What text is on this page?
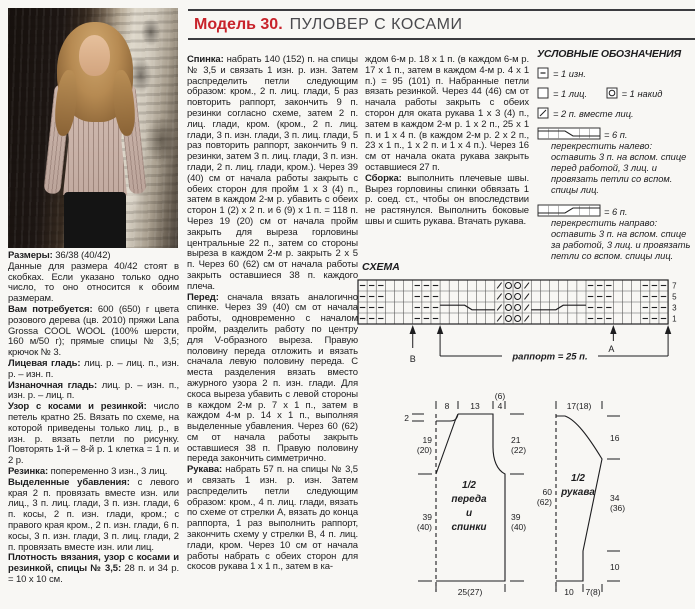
Модель 30. ПУЛОВЕР С КОСАМИ

Размеры: 36/38 (40/42)

Данные для размера 40/42 стоят в скобках. Если указано только одно число, то оно относится к обоим размерам.

Вам потребуется: 600 (650) г цвета розового дерева (цв. 2010) пряжи Lana Grossa COOL WOOL (100% шерсти, 160 м/50 г); прямые спицы № 3,5; крючок № 3.

Лицевая гладь: лиц. р. – лиц. п., изн. р. – изн. п.

Изнаночная гладь: лиц. р. – изн. п., изн. р. – лиц. п.

Узор с косами и резинкой: число петель кратно 25. Вязать по схеме, на которой приведены только лиц. р., в изн. р. вязать петли по рисунку. Повторять 1-й – 8-й р. 1 клетка = 1 п. и 2 р.

Резинка: попеременно 3 изн., 3 лиц.

Выделенные убавления: с левого края 2 п. провязать вместе изн. или лиц., 3 п. лиц. глади, 3 п. изн. глади, 6 п. косы, 2 п. изн. глади, кром.; с правого края кром., 2 п. изн. глади, 6 п. косы, 3 п. изн. глади, 3 п. лиц. глади, 2 п. провязать вместе изн. или лиц.

Плотность вязания, узор с косами и резинкой, спицы № 3,5: 28 п. и 34 р. = 10 х 10 см.

Спинка: набрать 140 (152) п. на спицы № 3,5 и связать 1 изн. р. изн. Затем распределить петли следующим образом: кром., 2 п. лиц. глади, 5 раз повторить раппорт, закончить 9 п. резинки согласно схеме, затем 2 п. лиц. глади, кром. (кром., 2 п. лиц. глади, 3 п. изн. глади, 3 п. лиц. глади, 5 раз повторить раппорт, закончить 9 п. резинки, затем 3 п. лиц. глади, 3 п. изн. глади, 2 п. лиц. глади, кром.). Через 39 (40) см от начала работы закрыть с обеих сторон для пройм 1 х 3 (4) п., затем в каждом 2-м р. убавить с обеих сторон 1 (2) х 2 п. и 6 (9) х 1 п. = 118 п. Через 19 (20) см от начала пройм закрыть для выреза горловины центральные 22 п., затем со стороны выреза в каждом 2-м р. закрыть 2 х 5 п. Через 60 (62) см от начала работы закрыть оставшиеся 38 п. каждого плеча.

Перед: сначала вязать аналогично спинке. Через 39 (40) см от начала работы, одновременно с началом пройм, разделить работу по центру для V-образного выреза. Правую половину переда отложить и вязать сначала левую половину переда. С места разделения вязать вместо ажурного узора 2 п. изн. глади. Для скоса выреза убавить с левой стороны в каждом 2-м р. 7 х 1 п., затем в каждом 4-м р. 14 х 1 п., выполняя выделенные убавления. Через 60 (62) см от начала работы закрыть оставшиеся 38 п. Правую половину переда закончить симметрично.

Рукава: набрать 57 п. на спицы № 3,5 и связать 1 изн. р. изн. Затем распределить петли следующим образом: кром., 4 п. лиц. глади, вязать по схеме от стрелки А, вязать до конца раппорта, 1 раз выполнить раппорт, закончить схему у стрелки В, 4 п. лиц. глади, кром. Через 10 см от начала работы набрать с обеих сторон для скосов рукава 1 х 1 п., затем в ка-

ждом 6-м р. 18 х 1 п. (в каждом 6-м р. 17 х 1 п., затем в каждом 4-м р. 4 х 1 п.) = 95 (101) п. Набранные петли вязать резинкой. Через 44 (46) см от начала работы закрыть с обеих сторон для оката рукава 1 х 3 (4) п., затем в каждом 2-м р. 1 х 2 п., 25 х 1 п. и 1 х 4 п. (в каждом 2-м р. 2 х 2 п., 23 х 1 п., 1 х 2 п. и 1 х 4 п.). Через 16 см от начала оката рукава закрыть оставшиеся 27 п.

Сборка: выполнить плечевые швы. Вырез горловины спинки обвязать 1 р. соед. ст., чтобы он впоследствии не растянулся. Выполнить боковые швы и сшить рукава. Втачать рукава.

УСЛОВНЫЕ ОБОЗНАЧЕНИЯ

= 1 изн.
= 1 лиц.	= 1 накид
= 2 п. вместе лиц.
= 6 п. перекрестить налево: оставить 3 п. на вспом. спице перед работой, 3 лиц. и провязать петли со вспом. спицы лиц.
= 6 п. перекрестить направо: оставить 3 п. на вспом. спице за работой, 3 лиц. и провязать петли со вспом. спицы лиц.
СХЕМА
7
5
3
1
B
A
раппорт = 25 п.
8 13 4
(6)
2
19
(20)
39
(40)
21
(22)
39
(40)
25(27)
1/2
переда
и
спинки
17(18)
16
34
(36)
10
60
(62)
10 7(8)
1/2
рукава
